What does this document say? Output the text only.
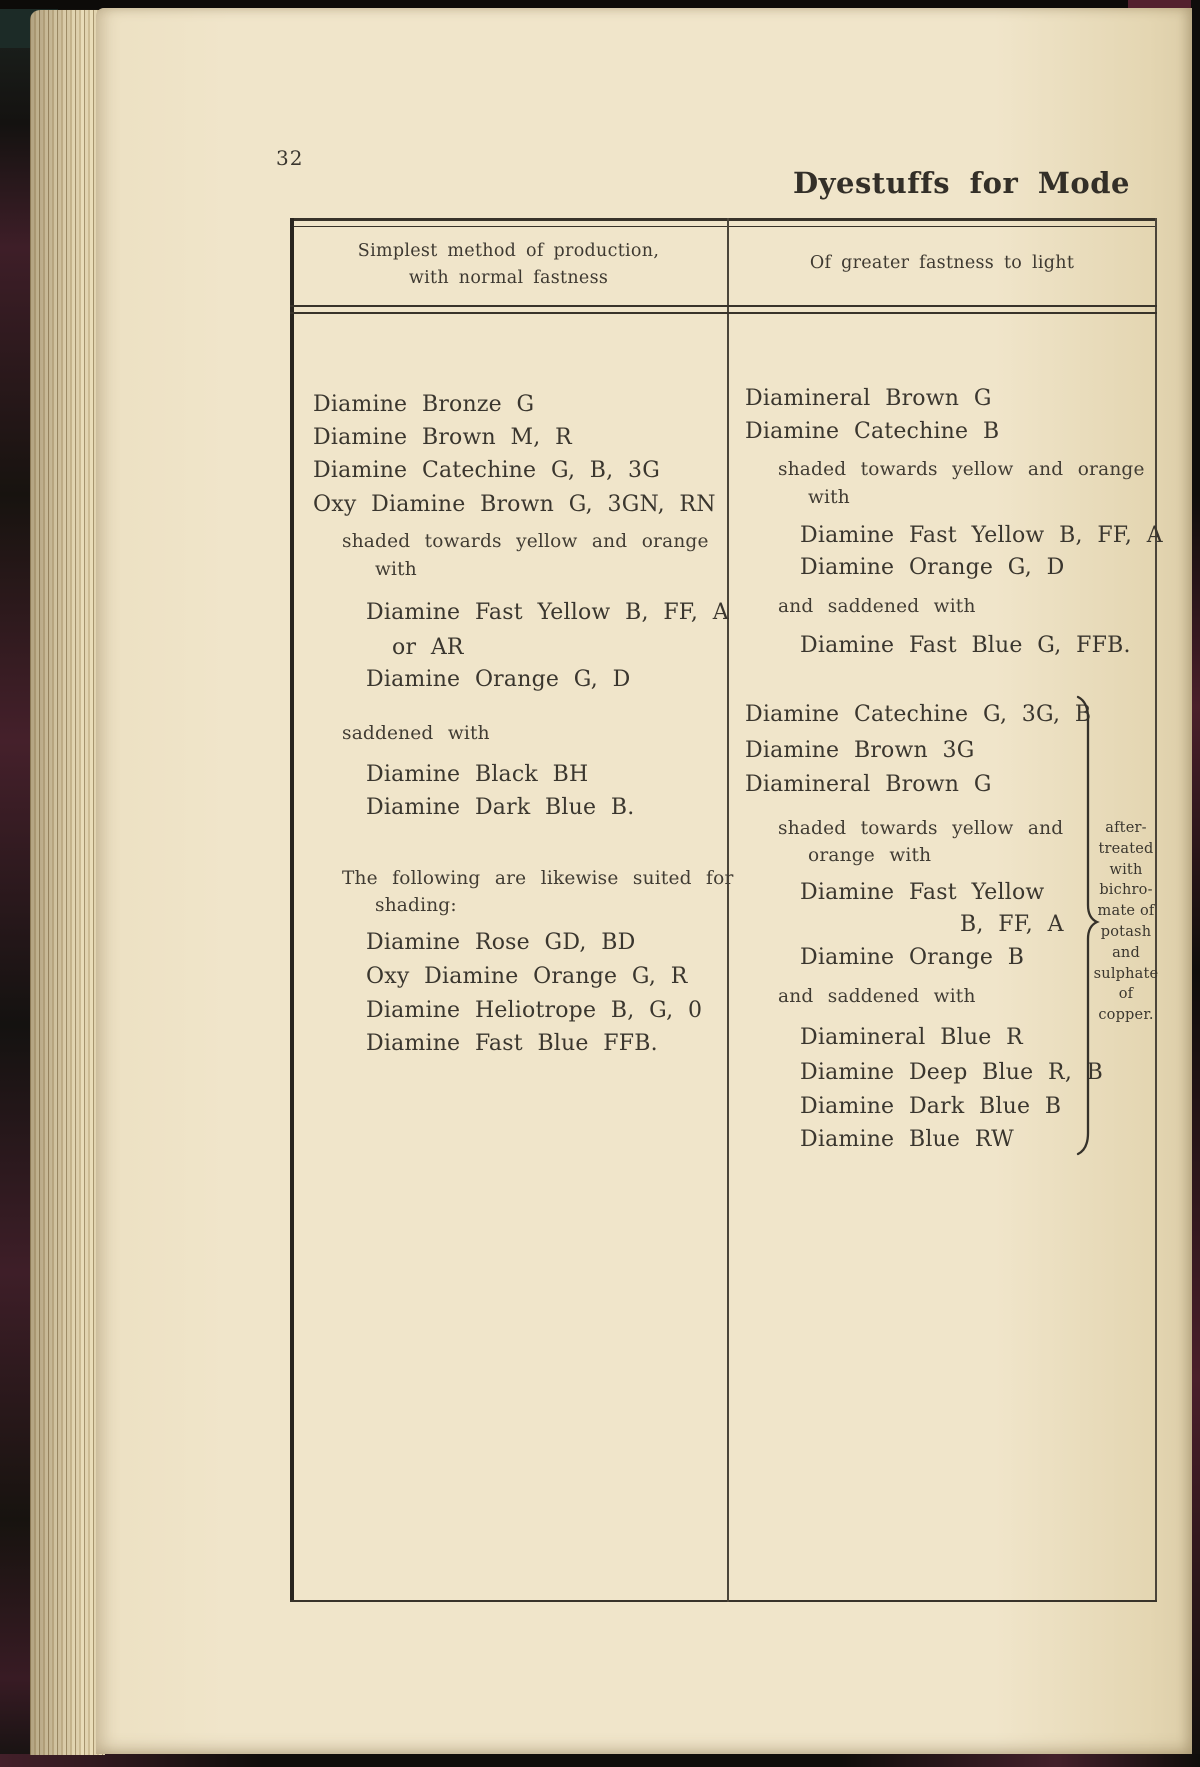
32
Dyestuffs for Mode
Simplest method of production,
with normal fastness
Of greater fastness to light
Diamine Bronze G
Diamine Brown M, R
Diamine Catechine G, B, 3G
Oxy Diamine Brown G, 3GN, RN
shaded towards yellow and orange
with
Diamine Fast Yellow B, FF, A
or AR
Diamine Orange G, D
saddened with
Diamine Black BH
Diamine Dark Blue B.
The following are likewise suited for
shading:
Diamine Rose GD, BD
Oxy Diamine Orange G, R
Diamine Heliotrope B, G, 0
Diamine Fast Blue FFB.
Diamineral Brown G
Diamine Catechine B
shaded towards yellow and orange
with
Diamine Fast Yellow B, FF, A
Diamine Orange G, D
and saddened with
Diamine Fast Blue G, FFB.
Diamine Catechine G, 3G, B
Diamine Brown 3G
Diamineral Brown G
shaded towards yellow and
orange with
Diamine Fast Yellow
B, FF, A
Diamine Orange B
and saddened with
Diamineral Blue R
Diamine Deep Blue R, B
Diamine Dark Blue B
Diamine Blue RW
after-
treated
with
bichro-
mate of
potash
and
sulphate
of
copper.
